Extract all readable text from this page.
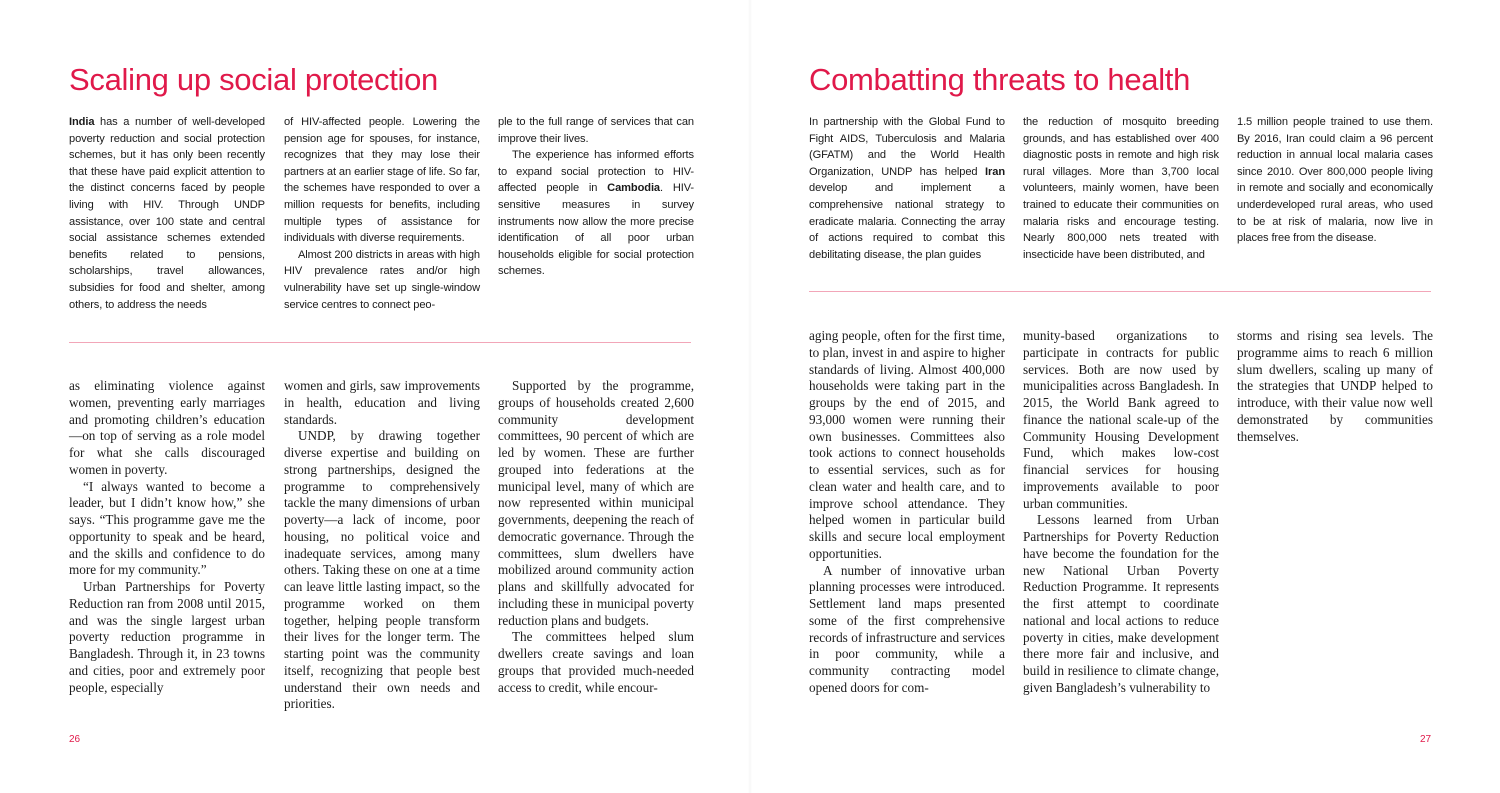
Scaling up social protection

India has a number of well-developed poverty reduction and social protection schemes, but it has only been recently that these have paid explicit attention to the distinct concerns faced by people living with HIV. Through UNDP assistance, over 100 state and central social assistance schemes extended benefits related to pensions, scholarships, travel allowances, subsidies for food and shelter, among others, to address the needs

of HIV-affected people. Lowering the pension age for spouses, for instance, recognizes that they may lose their partners at an earlier stage of life. So far, the schemes have responded to over a million requests for benefits, including multiple types of assistance for individuals with diverse requirements.

Almost 200 districts in areas with high HIV prevalence rates and/or high vulnerability have set up single-window service centres to connect peo-

ple to the full range of services that can improve their lives.

The experience has informed efforts to expand social protection to HIV-affected people in Cambodia. HIV-sensitive measures in survey instruments now allow the more precise identification of all poor urban households eligible for social protection schemes.

as eliminating violence against women, preventing early marriages and promoting children’s education—on top of serving as a role model for what she calls discouraged women in poverty.

“I always wanted to become a leader, but I didn’t know how,” she says. “This programme gave me the opportunity to speak and be heard, and the skills and confidence to do more for my community.”

Urban Partnerships for Poverty Reduction ran from 2008 until 2015, and was the single largest urban poverty reduction programme in Bangladesh. Through it, in 23 towns and cities, poor and extremely poor people, especially

women and girls, saw improvements in health, education and living standards.

UNDP, by drawing together diverse expertise and building on strong partnerships, designed the programme to comprehensively tackle the many dimensions of urban poverty—a lack of income, poor housing, no political voice and inadequate services, among many others. Taking these on one at a time can leave little lasting impact, so the programme worked on them together, helping people transform their lives for the longer term. The starting point was the community itself, recognizing that people best understand their own needs and priorities.

Supported by the programme, groups of households created 2,600 community development committees, 90 percent of which are led by women. These are further grouped into federations at the municipal level, many of which are now represented within municipal governments, deepening the reach of democratic governance. Through the committees, slum dwellers have mobilized around community action plans and skillfully advocated for including these in municipal poverty reduction plans and budgets.

The committees helped slum dwellers create savings and loan groups that provided much-needed access to credit, while encour-

26
Combatting threats to health

In partnership with the Global Fund to Fight AIDS, Tuberculosis and Malaria (GFATM) and the World Health Organization, UNDP has helped Iran develop and implement a comprehensive national strategy to eradicate malaria. Connecting the array of actions required to combat this debilitating disease, the plan guides

the reduction of mosquito breeding grounds, and has established over 400 diagnostic posts in remote and high risk rural villages. More than 3,700 local volunteers, mainly women, have been trained to educate their communities on malaria risks and encourage testing. Nearly 800,000 nets treated with insecticide have been distributed, and

1.5 million people trained to use them. By 2016, Iran could claim a 96 percent reduction in annual local malaria cases since 2010. Over 800,000 people living in remote and socially and economically underdeveloped rural areas, who used to be at risk of malaria, now live in places free from the disease.

aging people, often for the first time, to plan, invest in and aspire to higher standards of living. Almost 400,000 households were taking part in the groups by the end of 2015, and 93,000 women were running their own businesses. Committees also took actions to connect households to essential services, such as for clean water and health care, and to improve school attendance. They helped women in particular build skills and secure local employment opportunities.

A number of innovative urban planning processes were introduced. Settlement land maps presented some of the first comprehensive records of infrastructure and services in poor community, while a community contracting model opened doors for com-

munity-based organizations to participate in contracts for public services. Both are now used by municipalities across Bangladesh. In 2015, the World Bank agreed to finance the national scale-up of the Community Housing Development Fund, which makes low-cost financial services for housing improvements available to poor urban communities.

Lessons learned from Urban Partnerships for Poverty Reduction have become the foundation for the new National Urban Poverty Reduction Programme. It represents the first attempt to coordinate national and local actions to reduce poverty in cities, make development there more fair and inclusive, and build in resilience to climate change, given Bangladesh’s vulnerability to

storms and rising sea levels. The programme aims to reach 6 million slum dwellers, scaling up many of the strategies that UNDP helped to introduce, with their value now well demonstrated by communities themselves.

27
